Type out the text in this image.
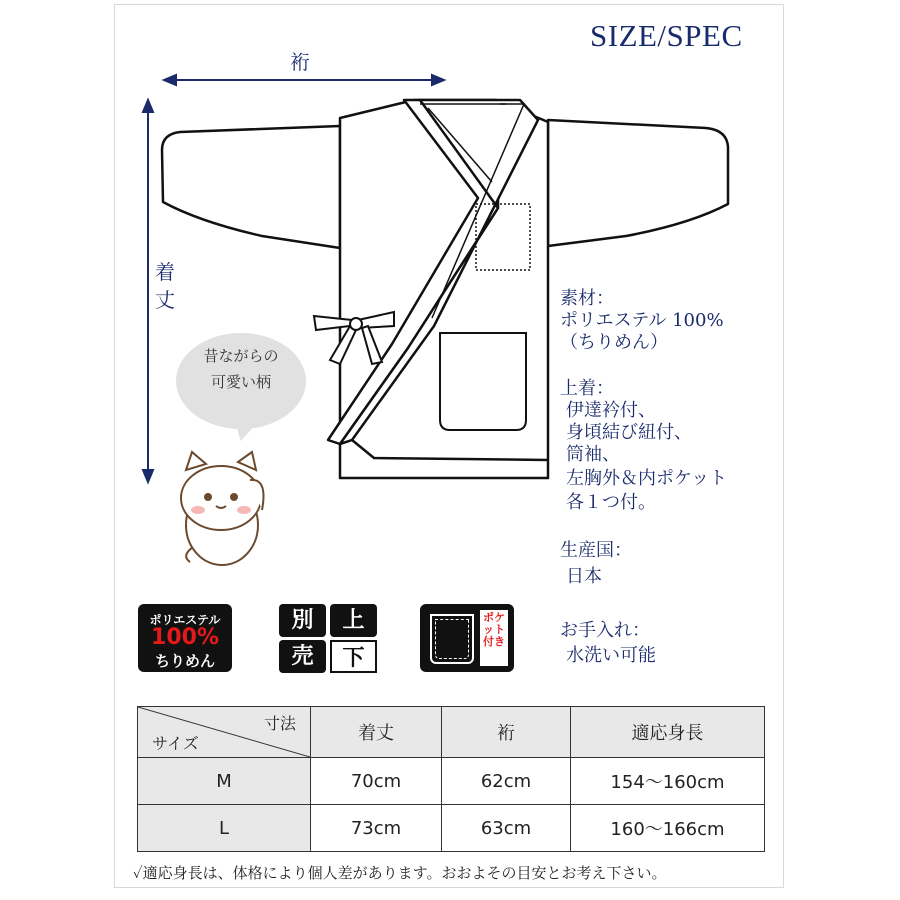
SIZE/SPEC
裄
着丈
昔ながらの
可愛い柄
素材：
ポリエステル 100%
（ちりめん）
上着：
伊達衿付、
身頃結び紐付、
筒袖、
左胸外＆内ポケット
各１つ付。
生産国：
日本
お手入れ：
水洗い可能
ポリエステル
100%
ちりめん
別	上
売	下
ポケット付き
寸法
サイズ	着丈	裄	適応身長
M	70cm	62cm	154〜160cm
L	73cm	63cm	160〜166cm
✓適応身長は、体格により個人差があります。おおよその目安とお考え下さい。
